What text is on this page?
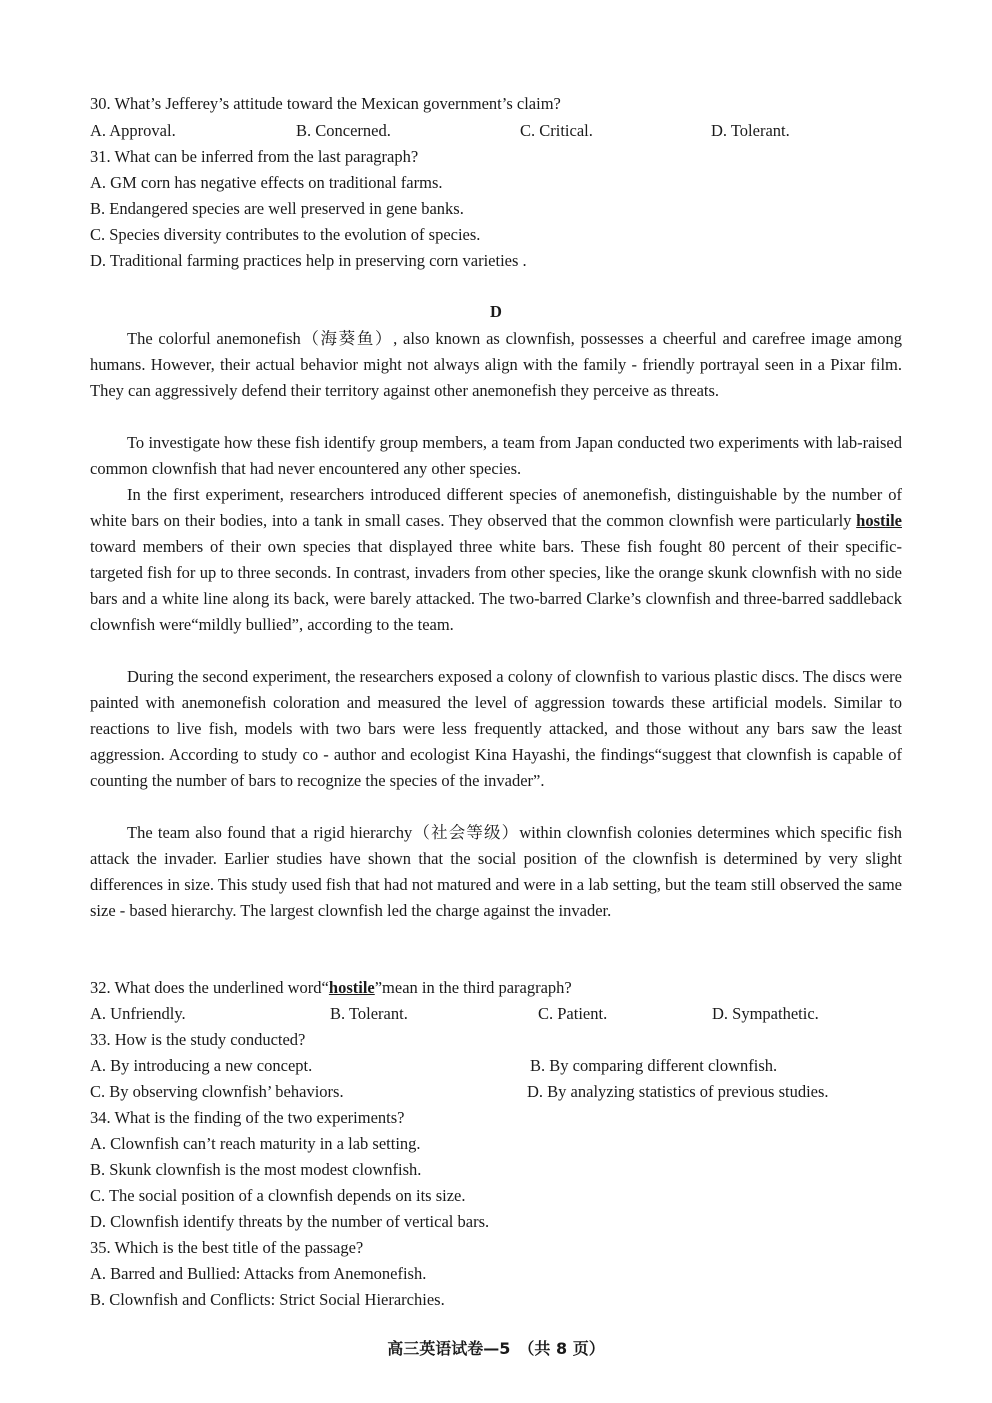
30. What’s Jefferey’s attitude toward the Mexican government’s claim?
A. Approval.	B. Concerned.	C. Critical.	D. Tolerant.
31. What can be inferred from the last paragraph?
A. GM corn has negative effects on traditional farms.
B. Endangered species are well preserved in gene banks.
C. Species diversity contributes to the evolution of species.
D. Traditional farming practices help in preserving corn varieties .
D
The colorful anemonefish（海葵鱼）, also known as clownfish, possesses a cheerful and carefree image among humans. However, their actual behavior might not always align with the family - friendly portrayal seen in a Pixar film. They can aggressively defend their territory against other anemonefish they perceive as threats.
To investigate how these fish identify group members, a team from Japan conducted two experiments with lab-raised common clownfish that had never encountered any other species.
In the first experiment, researchers introduced different species of anemonefish, distinguishable by the number of white bars on their bodies, into a tank in small cases. They observed that the common clownfish were particularly hostile toward members of their own species that displayed three white bars. These fish fought 80 percent of their specific-targeted fish for up to three seconds. In contrast, invaders from other species, like the orange skunk clownfish with no side bars and a white line along its back, were barely attacked. The two-barred Clarke’s clownfish and three-barred saddleback clownfish were“mildly bullied”, according to the team.
During the second experiment, the researchers exposed a colony of clownfish to various plastic discs. The discs were painted with anemonefish coloration and measured the level of aggression towards these artificial models. Similar to reactions to live fish, models with two bars were less frequently attacked, and those without any bars saw the least aggression. According to study co - author and ecologist Kina Hayashi, the findings“suggest that clownfish is capable of counting the number of bars to recognize the species of the invader”.
The team also found that a rigid hierarchy（社会等级）within clownfish colonies determines which specific fish attack the invader. Earlier studies have shown that the social position of the clownfish is determined by very slight differences in size. This study used fish that had not matured and were in a lab setting, but the team still observed the same size - based hierarchy. The largest clownfish led the charge against the invader.
32. What does the underlined word“hostile”mean in the third paragraph?
A. Unfriendly.	B. Tolerant.	C. Patient.	D. Sympathetic.
33. How is the study conducted?
A. By introducing a new concept.	B. By comparing different clownfish.
C. By observing clownfish’ behaviors.	D. By analyzing statistics of previous studies.
34. What is the finding of the two experiments?
A. Clownfish can’t reach maturity in a lab setting.
B. Skunk clownfish is the most modest clownfish.
C. The social position of a clownfish depends on its size.
D. Clownfish identify threats by the number of vertical bars.
35. Which is the best title of the passage?
A. Barred and Bullied: Attacks from Anemonefish.
B. Clownfish and Conflicts: Strict Social Hierarchies.
高三英语试卷—5　（共 8 页）
